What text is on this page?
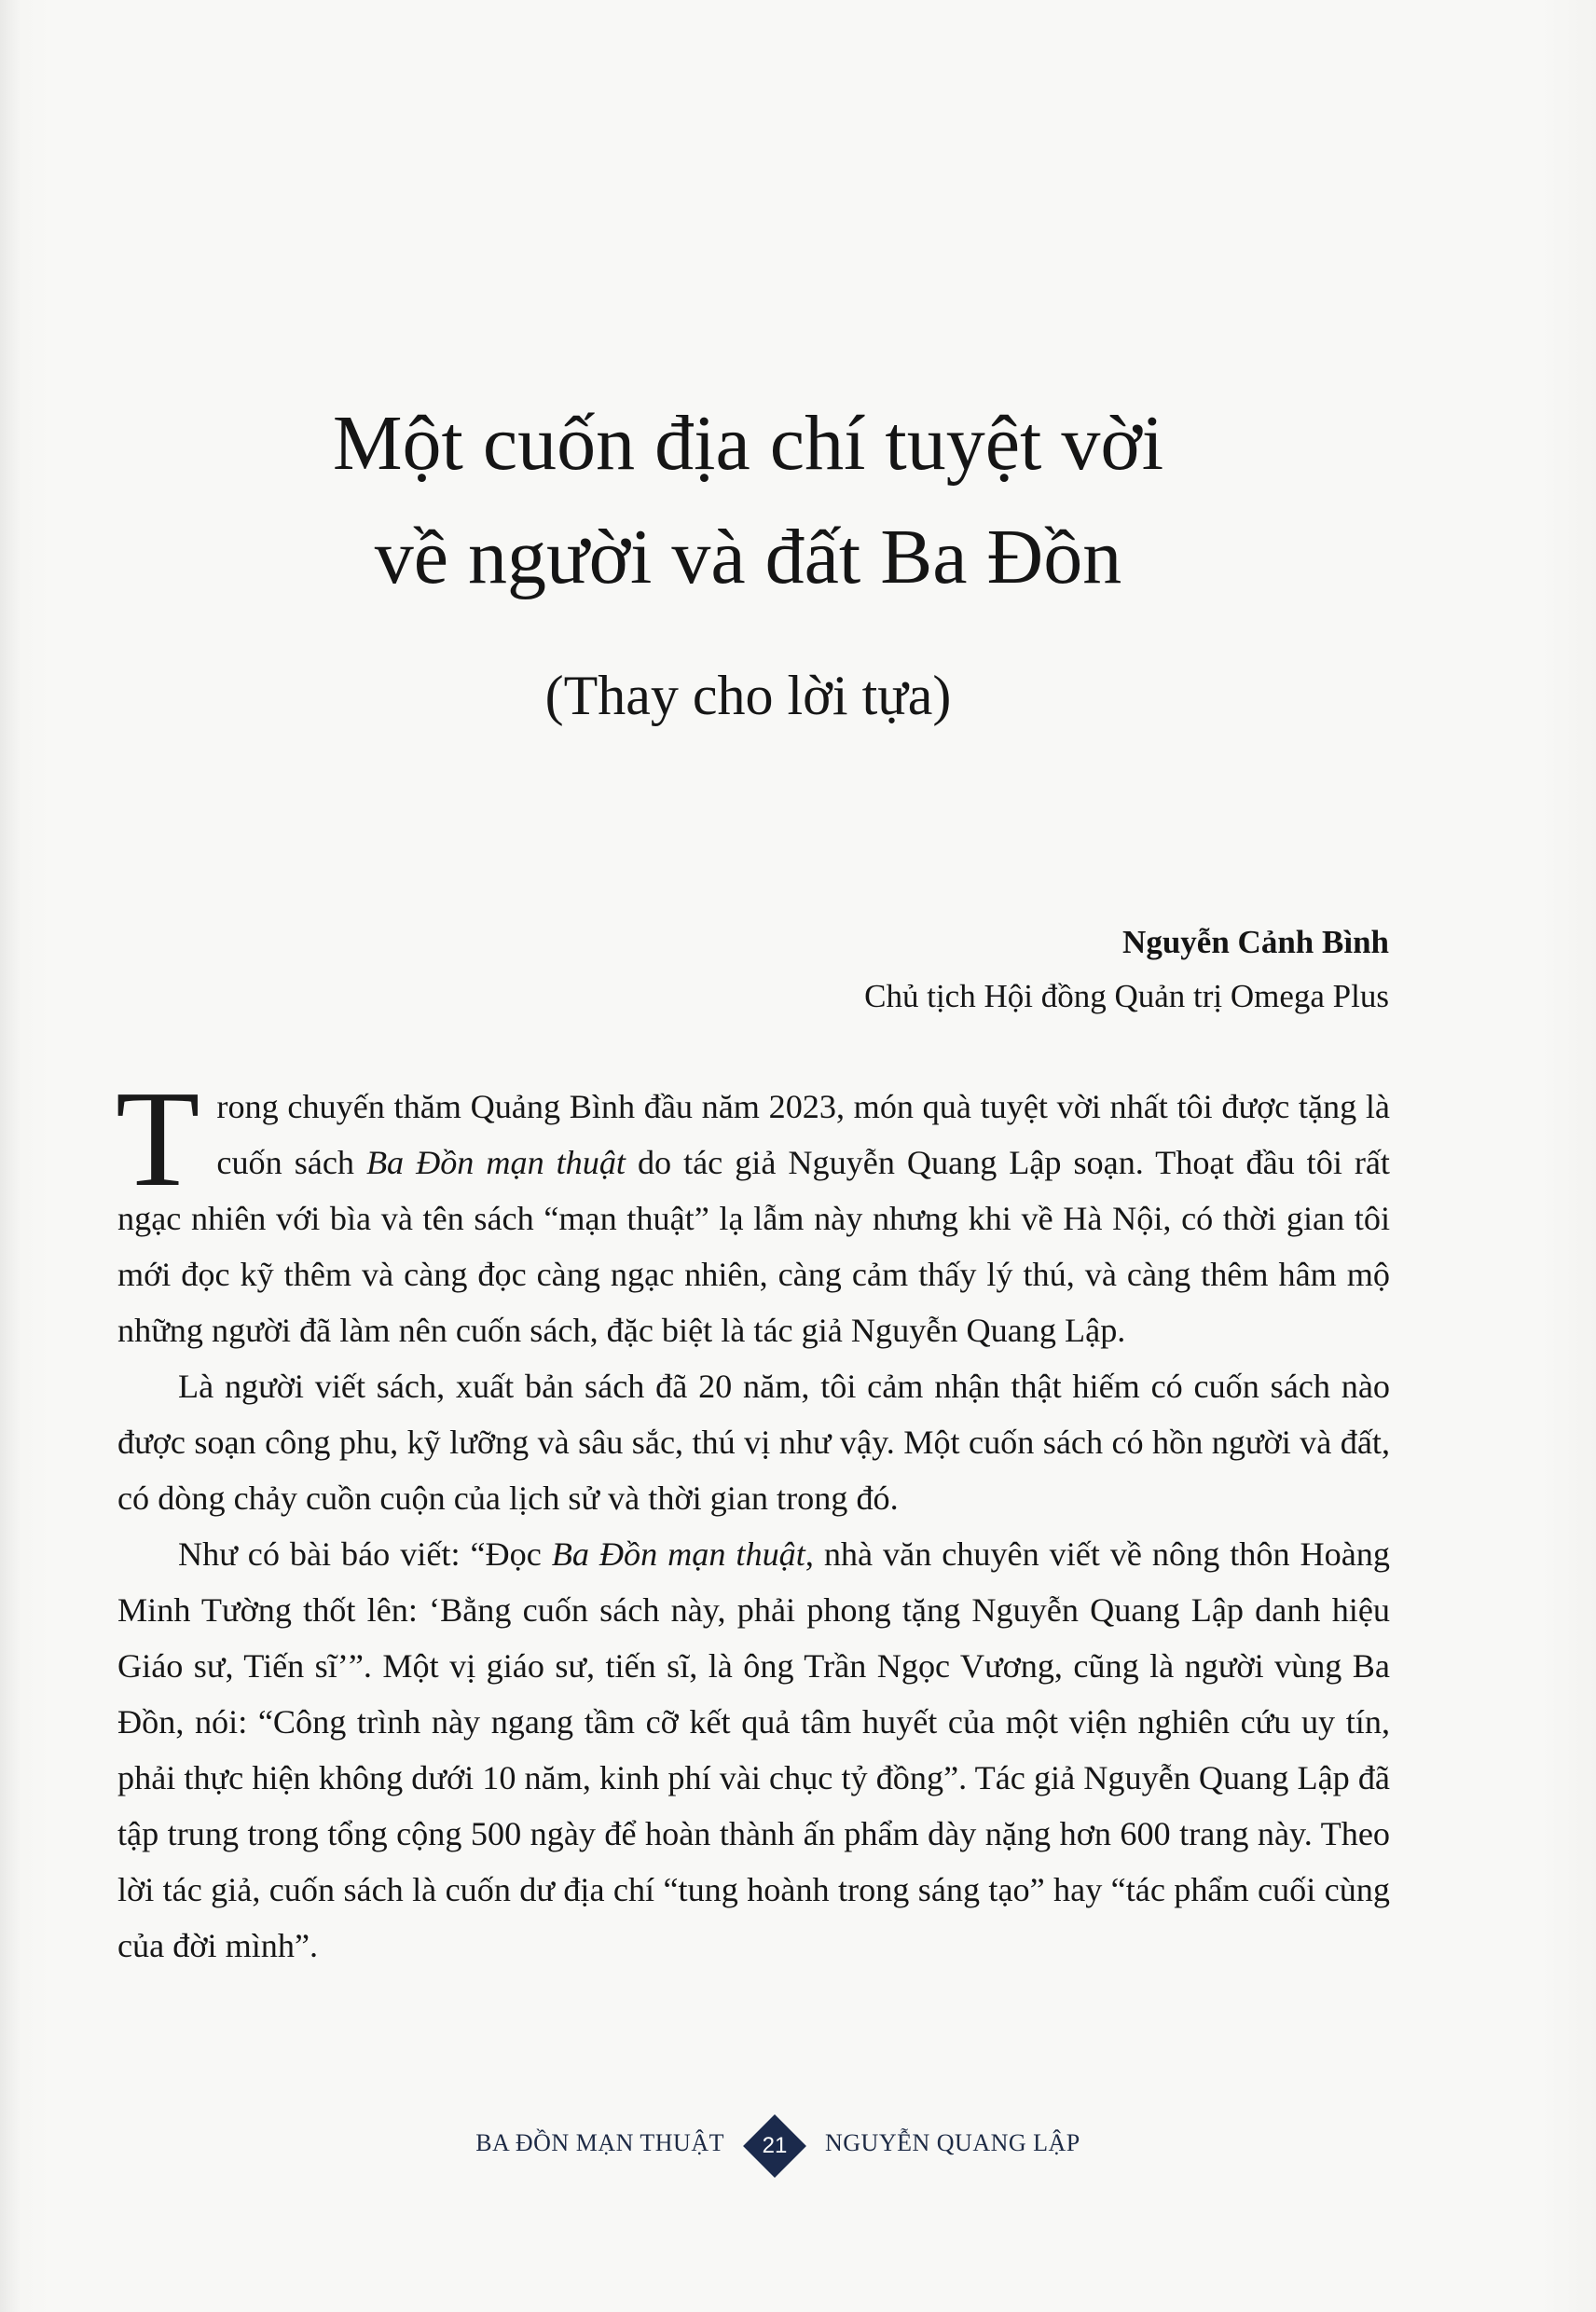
Một cuốn địa chí tuyệt vời
về người và đất Ba Đồn
(Thay cho lời tựa)
Nguyễn Cảnh Bình
Chủ tịch Hội đồng Quản trị Omega Plus

Trong chuyến thăm Quảng Bình đầu năm 2023, món quà tuyệt vời nhất tôi được tặng là cuốn sách Ba Đồn mạn thuật do tác giả Nguyễn Quang Lập soạn. Thoạt đầu tôi rất ngạc nhiên với bìa và tên sách “mạn thuật” lạ lẫm này nhưng khi về Hà Nội, có thời gian tôi mới đọc kỹ thêm và càng đọc càng ngạc nhiên, càng cảm thấy lý thú, và càng thêm hâm mộ những người đã làm nên cuốn sách, đặc biệt là tác giả Nguyễn Quang Lập.

Là người viết sách, xuất bản sách đã 20 năm, tôi cảm nhận thật hiếm có cuốn sách nào được soạn công phu, kỹ lưỡng và sâu sắc, thú vị như vậy. Một cuốn sách có hồn người và đất, có dòng chảy cuồn cuộn của lịch sử và thời gian trong đó.

Như có bài báo viết: “Đọc Ba Đồn mạn thuật, nhà văn chuyên viết về nông thôn Hoàng Minh Tường thốt lên: ‘Bằng cuốn sách này, phải phong tặng Nguyễn Quang Lập danh hiệu Giáo sư, Tiến sĩ’”. Một vị giáo sư, tiến sĩ, là ông Trần Ngọc Vương, cũng là người vùng Ba Đồn, nói: “Công trình này ngang tầm cỡ kết quả tâm huyết của một viện nghiên cứu uy tín, phải thực hiện không dưới 10 năm, kinh phí vài chục tỷ đồng”. Tác giả Nguyễn Quang Lập đã tập trung trong tổng cộng 500 ngày để hoàn thành ấn phẩm dày nặng hơn 600 trang này. Theo lời tác giả, cuốn sách là cuốn dư địa chí “tung hoành trong sáng tạo” hay “tác phẩm cuối cùng của đời mình”.

BA ĐỒN MẠN THUẬT	NGUYỄN QUANG LẬP
21
